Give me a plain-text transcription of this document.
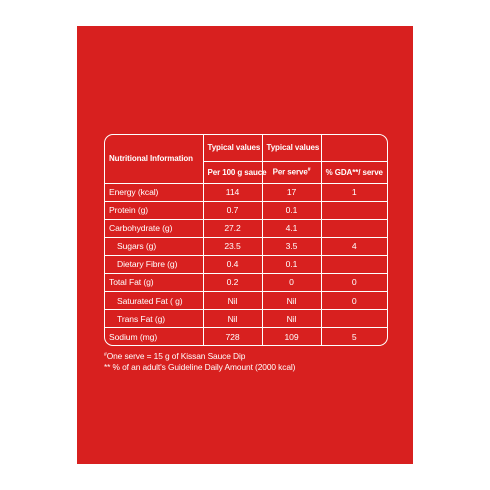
Nutritional Information	Typical values	Typical values	
	Per 100 g sauce	Per serve#	% GDA**/ serve
Energy (kcal)	114	17	1
Protein (g)	0.7	0.1	
Carbohydrate (g)	27.2	4.1	
Sugars (g)	23.5	3.5	4
Dietary Fibre (g)	0.4	0.1	
Total Fat (g)	0.2	0	0
Saturated Fat ( g)	Nil	Nil	0
Trans Fat (g)	Nil	Nil	
Sodium (mg)	728	109	5
#One serve = 15 g of Kissan Sauce Dip
** % of an adult's Guideline Daily Amount (2000 kcal)
